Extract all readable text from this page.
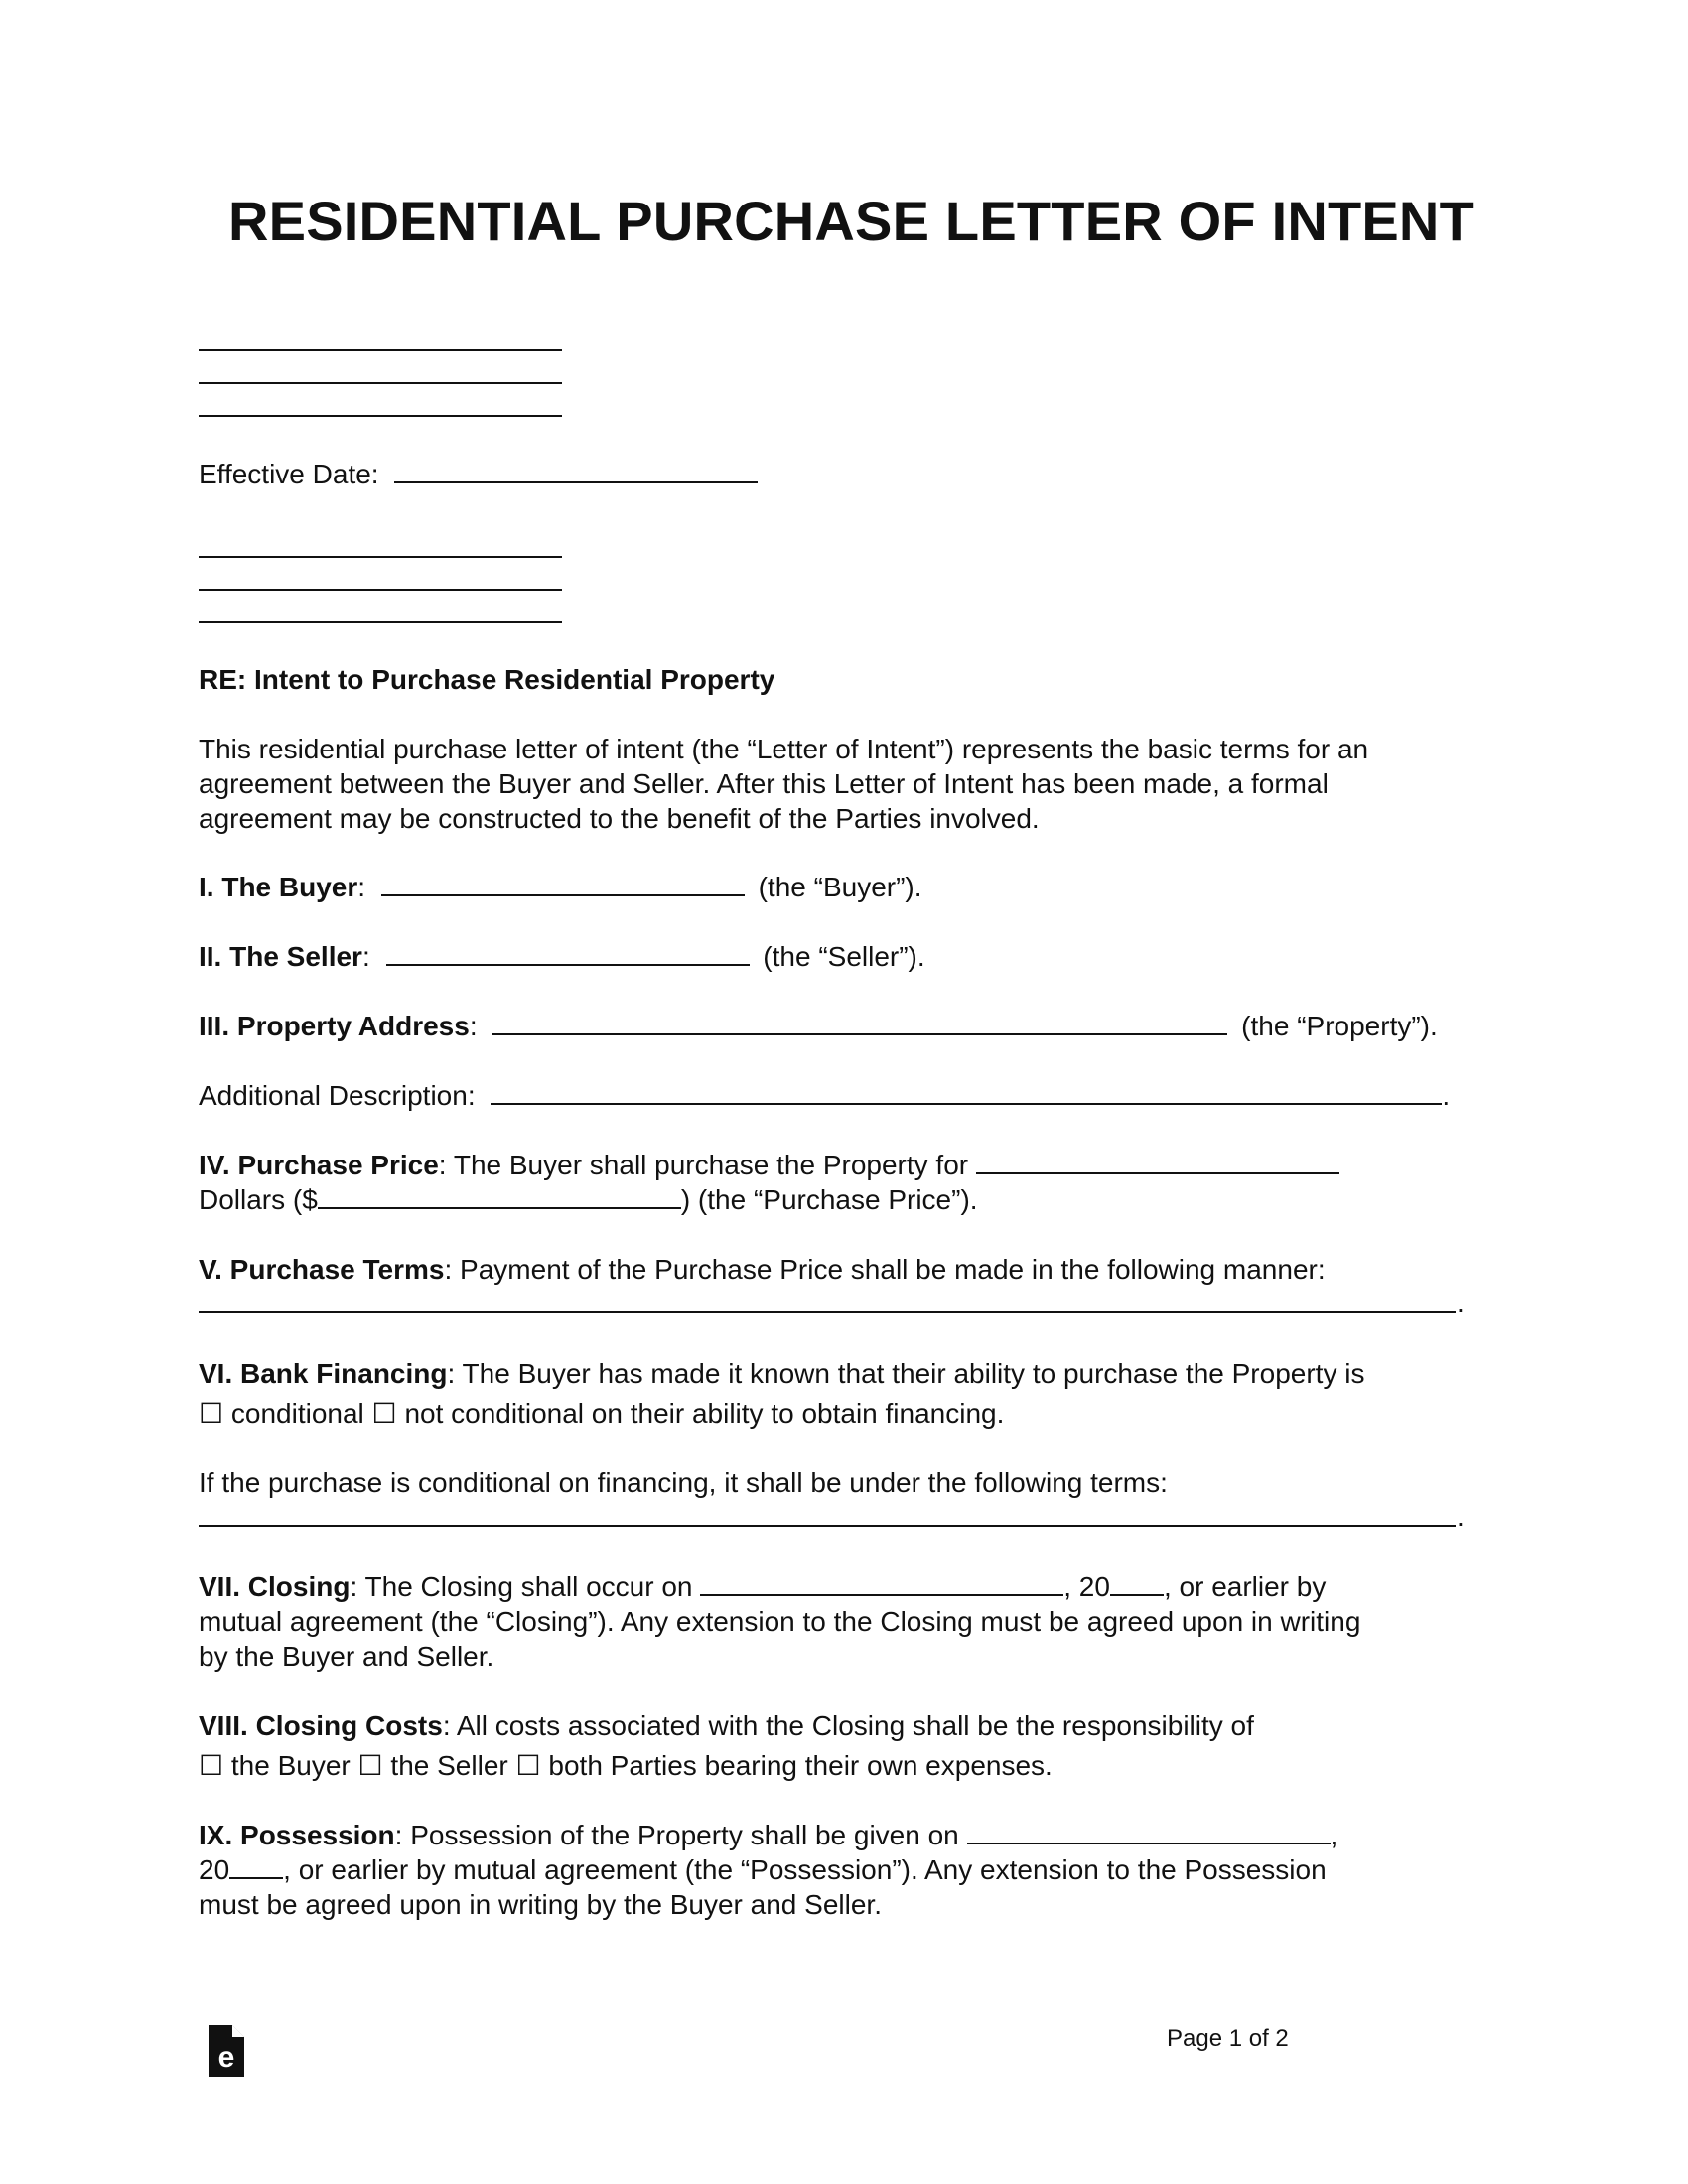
RESIDENTIAL PURCHASE LETTER OF INTENT
Effective Date:
RE: Intent to Purchase Residential Property
This residential purchase letter of intent (the “Letter of Intent”) represents the basic terms for an
agreement between the Buyer and Seller. After this Letter of Intent has been made, a formal
agreement may be constructed to the benefit of the Parties involved.
I. The Buyer:	(the “Buyer”).
II. The Seller:	(the “Seller”).
III. Property Address:	(the “Property”).
Additional Description:	.
IV. Purchase Price: The Buyer shall purchase the Property for
Dollars ($	) (the “Purchase Price”).
V. Purchase Terms: Payment of the Purchase Price shall be made in the following manner:
.
VI. Bank Financing: The Buyer has made it known that their ability to purchase the Property is
☐ conditional ☐ not conditional on their ability to obtain financing.
If the purchase is conditional on financing, it shall be under the following terms:
.
VII. Closing: The Closing shall occur on	, 20 , or earlier by
mutual agreement (the “Closing”). Any extension to the Closing must be agreed upon in writing
by the Buyer and Seller.
VIII. Closing Costs: All costs associated with the Closing shall be the responsibility of
☐ the Buyer ☐ the Seller ☐ both Parties bearing their own expenses.
IX. Possession: Possession of the Property shall be given on	,
20 , or earlier by mutual agreement (the “Possession”). Any extension to the Possession
must be agreed upon in writing by the Buyer and Seller.
e
Page 1 of 2
